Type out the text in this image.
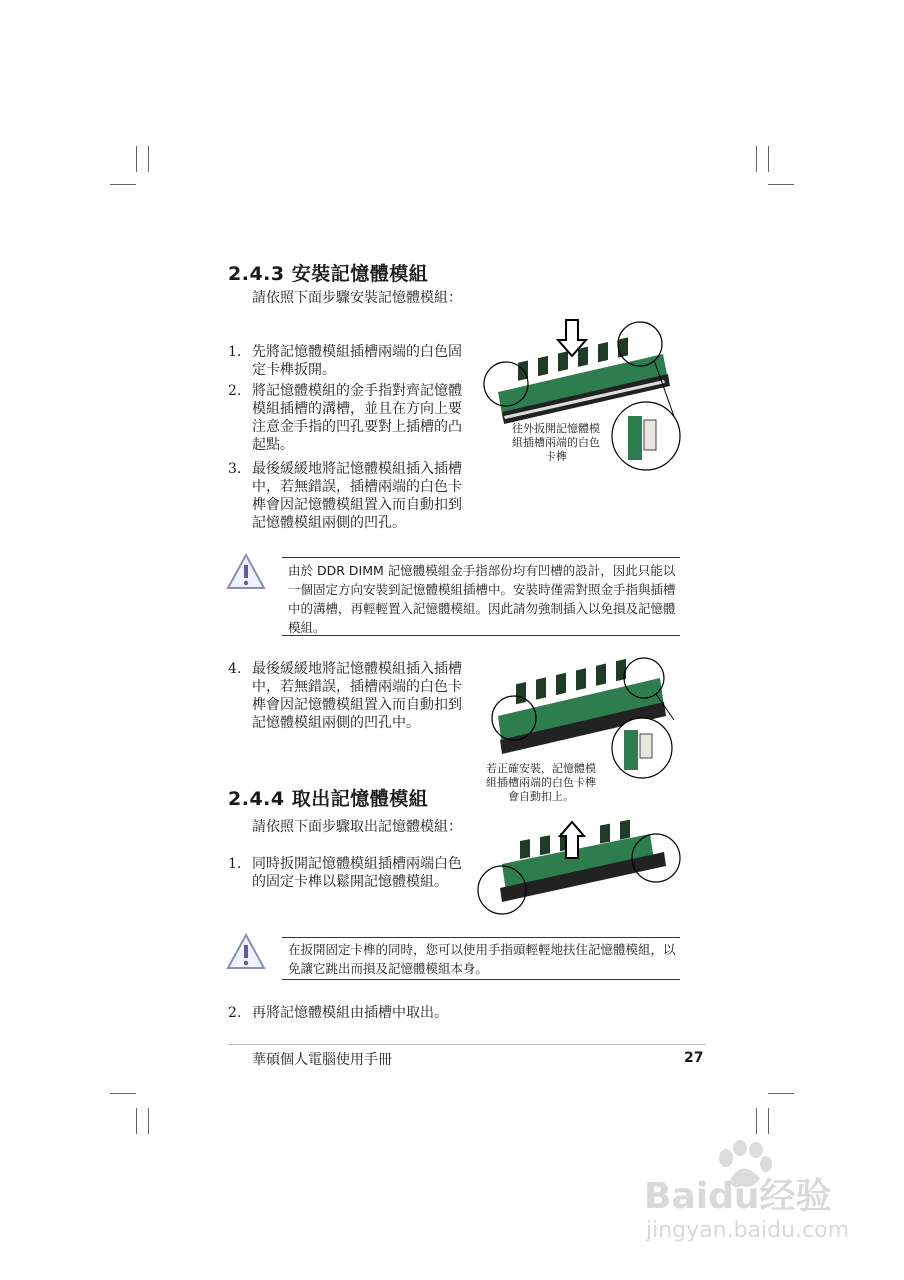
2.4.3 安裝記憶體模組
請依照下面步驟安裝記憶體模組：
1. 先將記憶體模組插槽兩端的白色固定卡榫扳開。
2. 將記憶體模組的金手指對齊記憶體模組插槽的溝槽，並且在方向上要注意金手指的凹孔要對上插槽的凸起點。
3. 最後緩緩地將記憶體模組插入插槽中，若無錯誤，插槽兩端的白色卡榫會因記憶體模組置入而自動扣到記憶體模組兩側的凹孔。
往外扳開記憶體模組插槽兩端的白色卡榫
由於 DDR DIMM 記憶體模組金手指部份均有凹槽的設計，因此只能以一個固定方向安裝到記憶體模組插槽中。安裝時僅需對照金手指與插槽中的溝槽，再輕輕置入記憶體模組。因此請勿強制插入以免損及記憶體模組。
4. 最後緩緩地將記憶體模組插入插槽中，若無錯誤，插槽兩端的白色卡榫會因記憶體模組置入而自動扣到記憶體模組兩側的凹孔中。
若正確安裝，記憶體模組插槽兩端的白色卡榫會自動扣上。
2.4.4 取出記憶體模組
請依照下面步驟取出記憶體模組：
1. 同時扳開記憶體模組插槽兩端白色的固定卡榫以鬆開記憶體模組。
在扳開固定卡榫的同時，您可以使用手指頭輕輕地扶住記憶體模組，以免讓它跳出而損及記憶體模組本身。
2. 再將記憶體模組由插槽中取出。
華碩個人電腦使用手冊	27
Baidu经验
jingyan.baidu.com
